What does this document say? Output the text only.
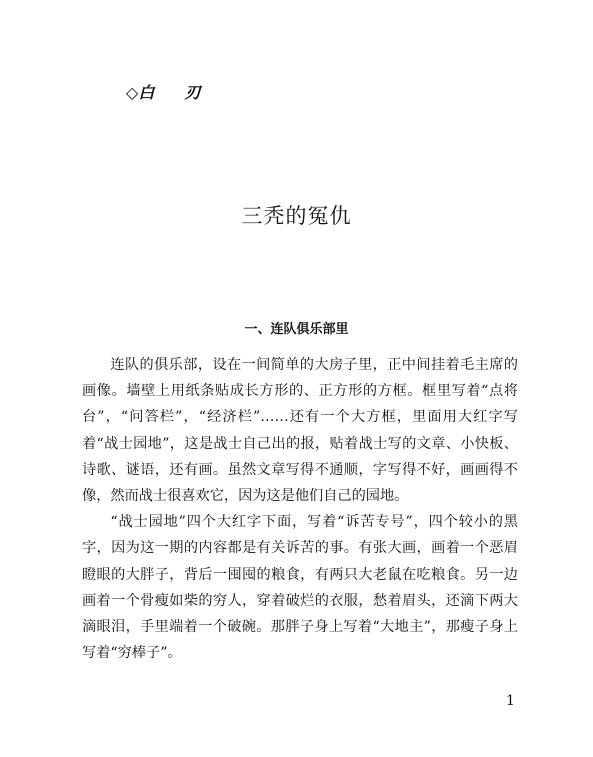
◇白 刃
三秃的冤仇
一、连队俱乐部里

连队的俱乐部，设在一间简单的大房子里，正中间挂着毛主席的画像。墙壁上用纸条贴成长方形的、正方形的方框。框里写着“点将台”，“问答栏”，“经济栏”……还有一个大方框，里面用大红字写着“战士园地”，这是战士自己出的报，贴着战士写的文章、小快板、诗歌、谜语，还有画。虽然文章写得不通顺，字写得不好，画画得不像，然而战士很喜欢它，因为这是他们自己的园地。

“战士园地”四个大红字下面，写着“诉苦专号”，四个较小的黑字，因为这一期的内容都是有关诉苦的事。有张大画，画着一个恶眉瞪眼的大胖子，背后一囤囤的粮食，有两只大老鼠在吃粮食。另一边画着一个骨瘦如柴的穷人，穿着破烂的衣服，愁着眉头，还滴下两大滴眼泪，手里端着一个破碗。那胖子身上写着“大地主”，那瘦子身上写着“穷棒子”。

1
